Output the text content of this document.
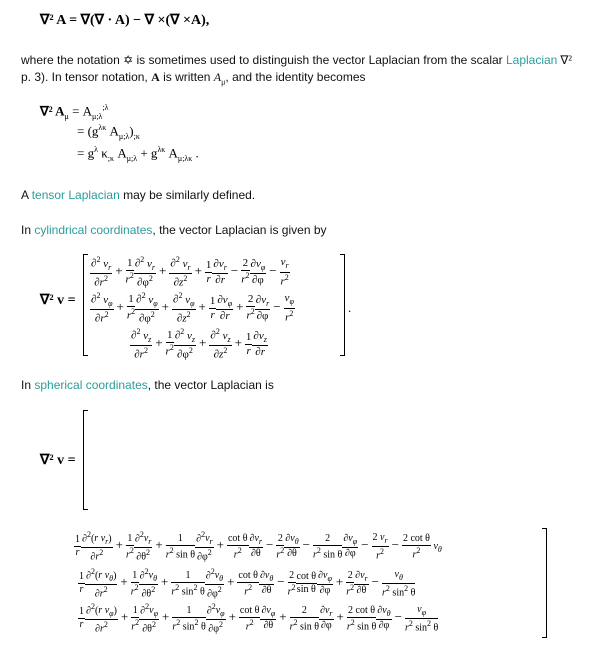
∇² A = ∇(∇ · A) − ∇ ×(∇ ×A),
where the notation ✡ is sometimes used to distinguish the vector Laplacian from the scalar Laplacian ∇²
p. 3). In tensor notation, A is written $A_\mu$, and the identity becomes
∇² $A_\mu = A_{\mu;\lambda}^{;\lambda}$
= ($g^{\lambda\kappa}$ $A_{\mu;\lambda})_{;\kappa}$
= $g^\lambda$ $\kappa_{;\kappa}$ $A_{\mu;\lambda} + g^{\lambda\kappa}$ $A_{\mu;\lambda\kappa}$ .
A tensor Laplacian may be similarly defined.
In cylindrical coordinates, the vector Laplacian is given by
∇² v =	.
$\frac{\partial^2 v_r}{\partial r^2} + \frac{1}{r^2} \frac{\partial^2 v_r}{\partial\varphi^2} + \frac{\partial^2 v_r}{\partial z^2} + \frac{1}{r} \frac{\partial v_r}{\partial r} - \frac{2}{r^2} \frac{\partial v_\varphi}{\partial\varphi} - \frac{v_r}{r^2}$
$\frac{\partial^2 v_\varphi}{\partial r^2} + \frac{1}{r^2} \frac{\partial^2 v_\varphi}{\partial\varphi^2} + \frac{\partial^2 v_\varphi}{\partial z^2} + \frac{1}{r} \frac{\partial v_\varphi}{\partial r} + \frac{2}{r^2} \frac{\partial v_r}{\partial\varphi} - \frac{v_\varphi}{r^2}$
$\frac{\partial^2 v_z}{\partial r^2} + \frac{1}{r^2} \frac{\partial^2 v_z}{\partial\varphi^2} + \frac{\partial^2 v_z}{\partial z^2} + \frac{1}{r} \frac{\partial v_z}{\partial r}$
In spherical coordinates, the vector Laplacian is
∇² v =
$\frac{1}{r} \frac{\partial^2(r v_r)}{\partial r^2} + \frac{1}{r^2} \frac{\partial^2v_r}{\partial\theta^2} + \frac{1}{r^2 \sin \theta} \frac{\partial^2v_r}{\partial\varphi^2} + \frac{\text{cot θ}}{r^2} \frac{\partial v_r}{\partial\theta} - \frac{2}{r^2} \frac{\partial v_\theta}{\partial\theta} - \frac{2}{r^2 \sin \theta} \frac{\partial v_\varphi}{\partial\varphi} - \frac{2 v_r}{r^2} - \frac{\text{2 cot θ}}{r^2} v_\theta$
$\frac{1}{r} \frac{\partial^2(r v_\theta)}{\partial r^2} + \frac{1}{r^2} \frac{\partial^2v_\theta}{\partial\theta^2} + \frac{1}{r^2 \sin^2 \theta} \frac{\partial^2v_\theta}{\partial\varphi^2} + \frac{\text{cot θ}}{r^2} \frac{\partial v_\theta}{\partial\theta} - \frac{2}{r^2} \frac{\text{cot θ}}{\text{sin θ}} \frac{\partial v_\varphi}{\partial\varphi} + \frac{2}{r^2} \frac{\partial v_r}{\partial\theta} - \frac{v_\theta}{r^2 \sin^2 \theta}$
$\frac{1}{r} \frac{\partial^2(r v_\varphi)}{\partial r^2} + \frac{1}{r^2} \frac{\partial^2v_\varphi}{\partial\theta^2} + \frac{1}{r^2 \sin^2 \theta} \frac{\partial^2v_\varphi}{\partial\varphi^2} + \frac{\text{cot θ}}{r^2} \frac{\partial v_\varphi}{\partial\theta} + \frac{2}{r^2 \sin \theta} \frac{\partial v_r}{\partial\varphi} + \frac{\text{2 cot θ}}{r^2 \sin \theta} \frac{\partial v_\theta}{\partial\varphi} - \frac{v_\varphi}{r^2 \sin^2 \theta}$
